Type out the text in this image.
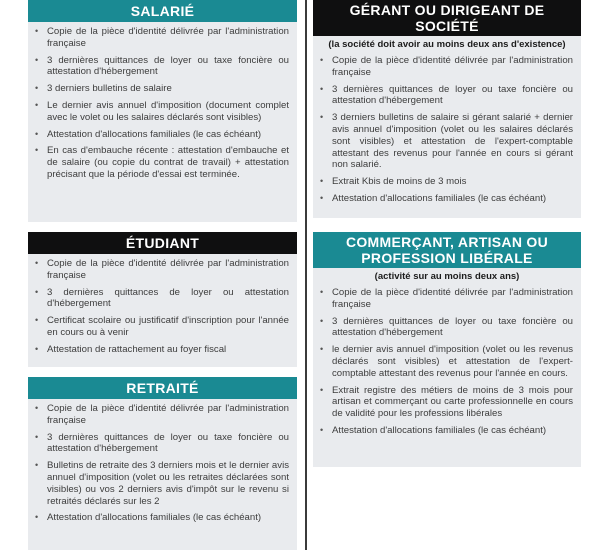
SALARIÉ
• Copie de la pièce d'identité délivrée par l'administration française
• 3 dernières quittances de loyer ou taxe foncière ou attestation d'hébergement
• 3 derniers bulletins de salaire
• Le dernier avis annuel d'imposition (document complet avec le volet ou les salaires déclarés sont visibles)
• Attestation d'allocations familiales (le cas échéant)
• En cas d'embauche récente : attestation d'embauche et de salaire (ou copie du contrat de travail) + attestation précisant que la période d'essai est terminée.
ÉTUDIANT
• Copie de la pièce d'identité délivrée par l'administration française
• 3 dernières quittances de loyer ou attestation d'hébergement
• Certificat scolaire ou justificatif d'inscription pour l'année en cours ou à venir
• Attestation de rattachement au foyer fiscal
RETRAITÉ
• Copie de la pièce d'identité délivrée par l'administration française
• 3 dernières quittances de loyer ou taxe foncière ou attestation d'hébergement
• Bulletins de retraite des 3 derniers mois et le dernier avis annuel d'imposition (volet ou les retraites déclarées sont visibles) ou vos 2 derniers avis d'impôt sur le revenu si retraités déclarés sur les 2
• Attestation d'allocations familiales (le cas échéant)
GÉRANT OU DIRIGEANT DE SOCIÉTÉ
(la société doit avoir au moins deux ans d'existence)
• Copie de la pièce d'identité délivrée par l'administration française
• 3 dernières quittances de loyer ou taxe foncière ou attestation d'hébergement
• 3 derniers bulletins de salaire si gérant salarié + dernier avis annuel d'imposition (volet ou les salaires déclarés sont visibles) et attestation de l'expert-comptable attestant des revenus pour l'année en cours si gérant non salarié.
• Extrait Kbis de moins de 3 mois
• Attestation d'allocations familiales (le cas échéant)
COMMERÇANT, ARTISAN OU PROFESSION LIBÉRALE
(activité sur au moins deux ans)
• Copie de la pièce d'identité délivrée par l'administration française
• 3 dernières quittances de loyer ou taxe foncière ou attestation d'hébergement
• le dernier avis annuel d'imposition (volet ou les revenus déclarés sont visibles) et attestation de l'expert-comptable attestant des revenus pour l'année en cours.
• Extrait registre des métiers de moins de 3 mois pour artisan et commerçant ou carte professionnelle en cours de validité pour les professions libérales
• Attestation d'allocations familiales (le cas échéant)
